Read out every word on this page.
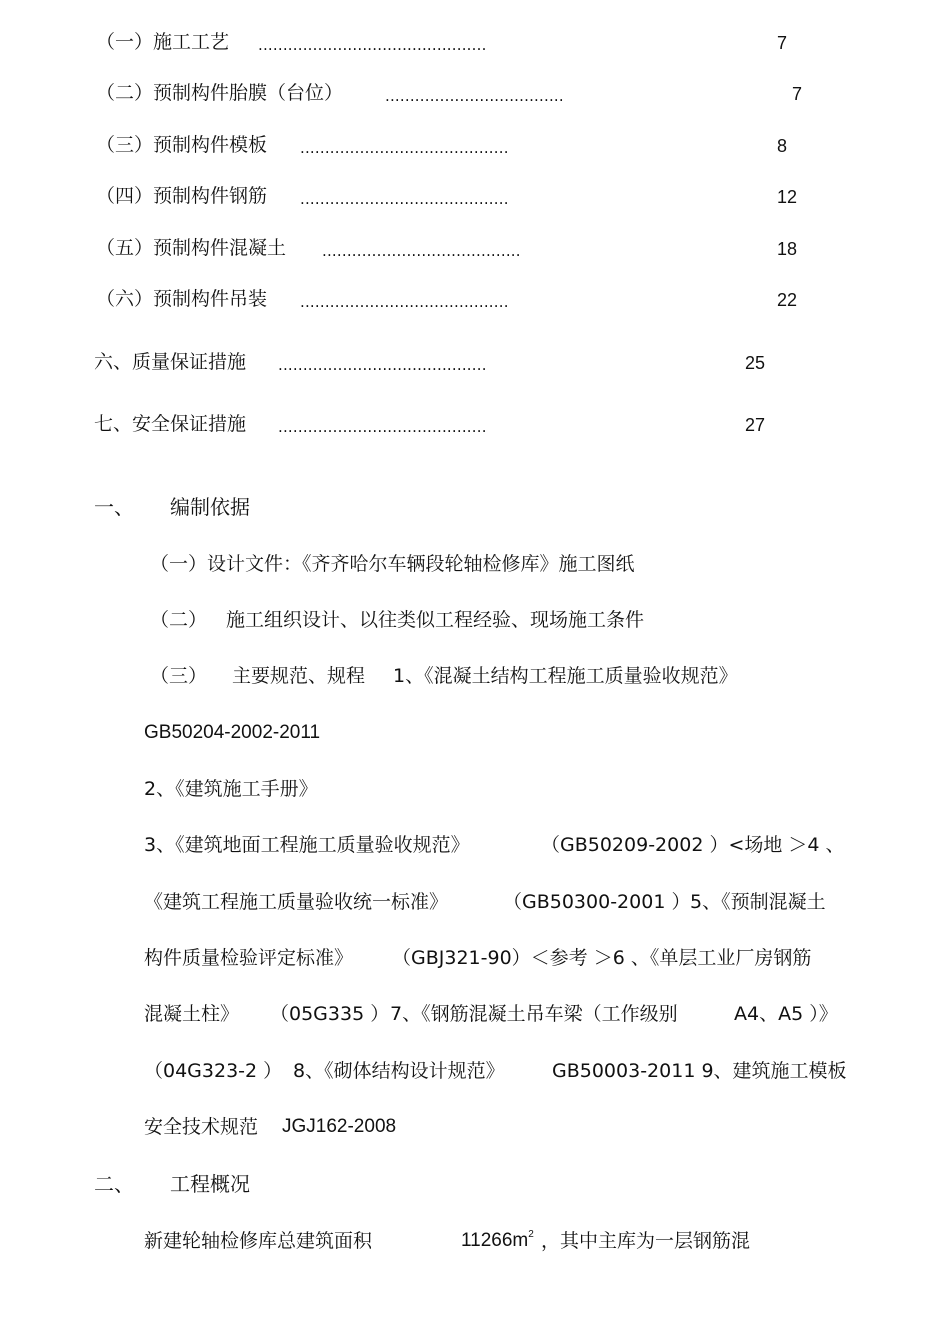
（一）施工工艺 ..............................................	7
（二）预制构件胎膜（台位）	....................................	7
（三）预制构件模板 ..........................................	8
（四）预制构件钢筋 ..........................................	12
（五）预制构件混凝土 ........................................	18
（六）预制构件吊装 ..........................................	22
六、质量保证措施 ..........................................	25
七、安全保证措施 ..........................................	27
一、 编制依据
（一）设计文件：《齐齐哈尔车辆段轮轴检修库》施工图纸
（二） 施工组织设计、以往类似工程经验、现场施工条件
（三） 主要规范、规程 1、《混凝土结构工程施工质量验收规范》
GB50204-2002-2011
2、《建筑施工手册》
3、《建筑地面工程施工质量验收规范》	（GB50209-2002 ）<场地 ＞4 、
《建筑工程施工质量验收统一标准》	（GB50300-2001 ） 5、《预制混凝土
构件质量检验评定标准》 （GBJ321-90）＜参考 ＞6 、《单层工业厂房钢筋
混凝土柱》 （05G335 ） 7、《钢筋混凝土吊车梁（工作级别	A4、A5 ）》
（04G323-2 ） 8、《砌体结构设计规范》 GB50003-2011 9、建筑施工模板
安全技术规范 JGJ162-2008
二、 工程概况
新建轮轴检修库总建筑面积	$11266m^2$ ，其中主库为一层钢筋混
